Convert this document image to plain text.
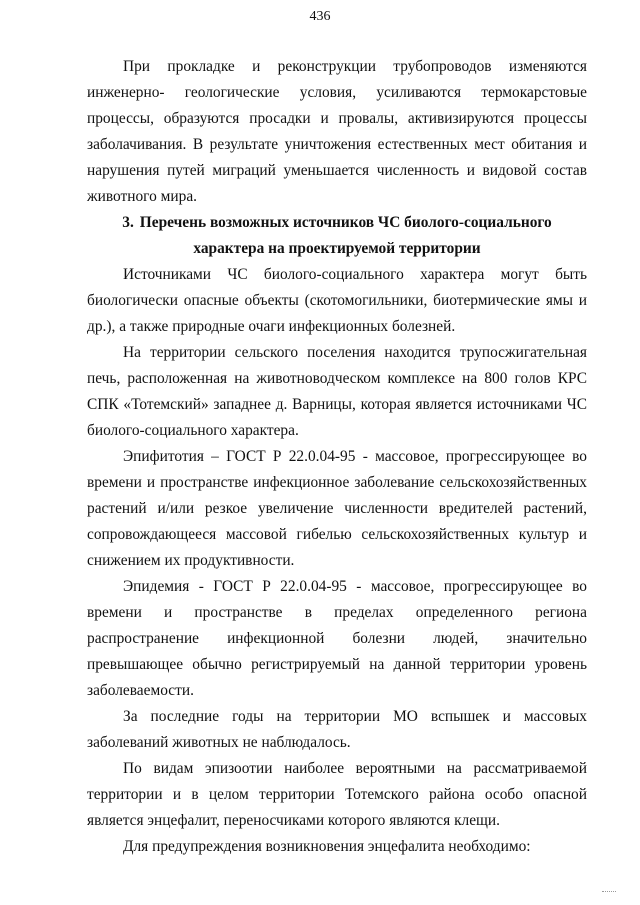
436

При прокладке и реконструкции трубопроводов изменяются инженерно- геологические условия, усиливаются термокарстовые процессы, образуются просадки и провалы, активизируются процессы заболачивания. В результате уничтожения естественных мест обитания и нарушения путей миграций уменьшается численность и видовой состав животного мира.

3. Перечень возможных источников ЧС биолого-социального характера на проектируемой территории

Источниками ЧС биолого-социального характера могут быть биологически опасные объекты (скотомогильники, биотермические ямы и др.), а также природные очаги инфекционных болезней.

На территории сельского поселения находится трупосжигательная печь, расположенная на животноводческом комплексе на 800 голов КРС СПК «Тотемский» западнее д. Варницы, которая является источниками ЧС биолого-социального характера.

Эпифитотия – ГОСТ Р 22.0.04-95 - массовое, прогрессирующее во времени и пространстве инфекционное заболевание сельскохозяйственных растений и/или резкое увеличение численности вредителей растений, сопровождающееся массовой гибелью сельскохозяйственных культур и снижением их продуктивности.

Эпидемия - ГОСТ Р 22.0.04-95 - массовое, прогрессирующее во времени и пространстве в пределах определенного региона распространение инфекционной болезни людей, значительно превышающее обычно регистрируемый на данной территории уровень заболеваемости.

За последние годы на территории МО вспышек и массовых заболеваний животных не наблюдалось.

По видам эпизоотии наиболее вероятными на рассматриваемой территории и в целом территории Тотемского района особо опасной является энцефалит, переносчиками которого являются клещи.

Для предупреждения возникновения энцефалита необходимо:
